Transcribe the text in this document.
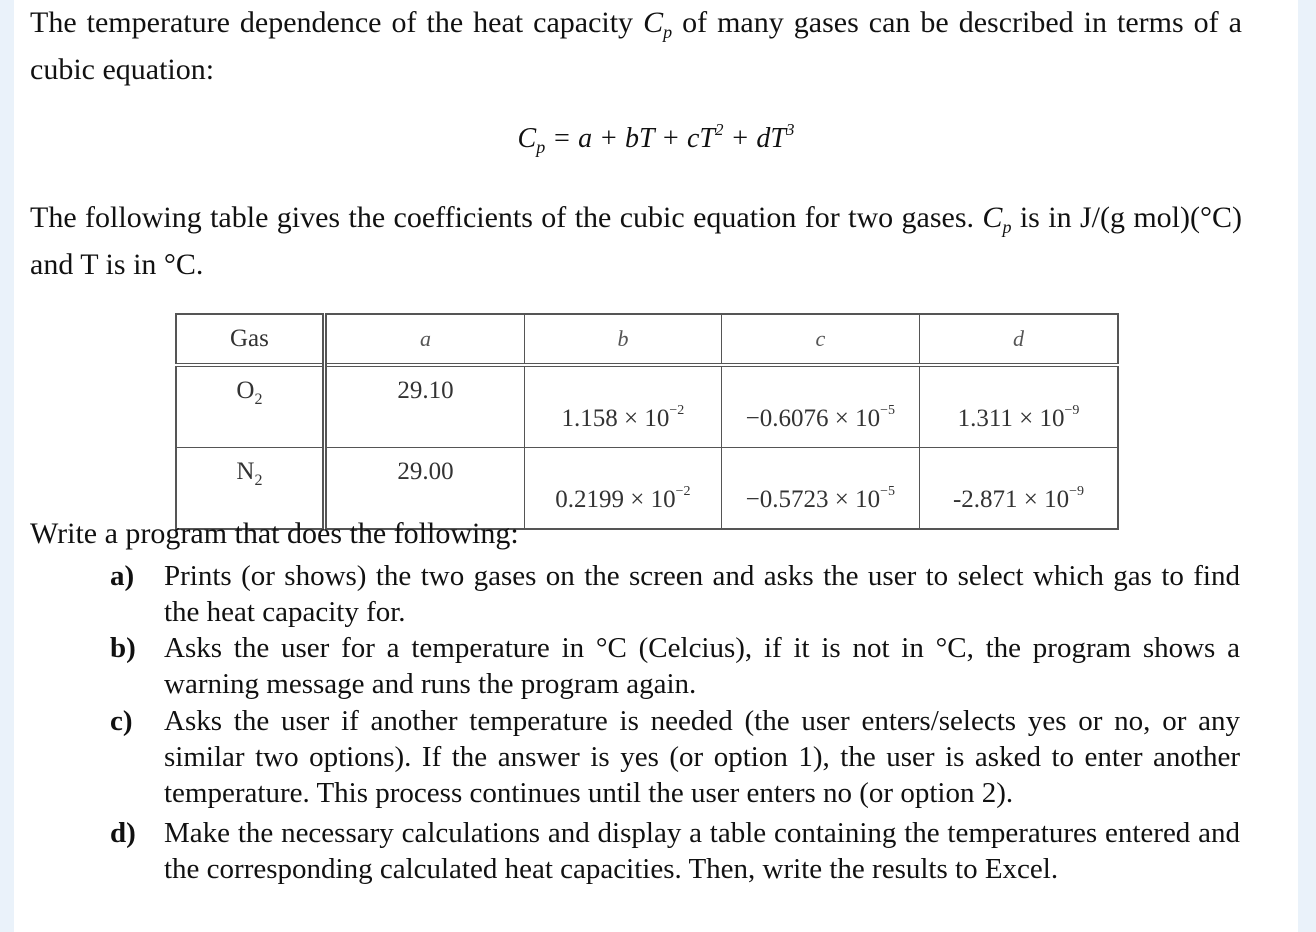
The temperature dependence of the heat capacity $C_p$ of many gases can be described in terms of a cubic equation:

$C_p = a$ + bT + $cT^2 + dT^3$

The following table gives the coefficients of the cubic equation for two gases. $C_p$ is in J/(g mol)(°C) and T is in °C.

Gas	a	b	c	d
$O_2$	29.10	$1.158 \times 10^{-2}$	$-0.6076 \times 10^{-5}$	$1.311 \times 10^{-9}$
$N_2$	29.00	$0.2199 \times 10^{-2}$	$-0.5723 \times 10^{-5}$	$-2.871 \times 10^{-9}$

Write a program that does the following:

a) Prints (or shows) the two gases on the screen and asks the user to select which gas to find the heat capacity for.
b) Asks the user for a temperature in °C (Celcius), if it is not in °C, the program shows a warning message and runs the program again.
c) Asks the user if another temperature is needed (the user enters/selects yes or no, or any similar two options). If the answer is yes (or option 1), the user is asked to enter another temperature. This process continues until the user enters no (or option 2).
d) Make the necessary calculations and display a table containing the temperatures entered and the corresponding calculated heat capacities. Then, write the results to Excel.
